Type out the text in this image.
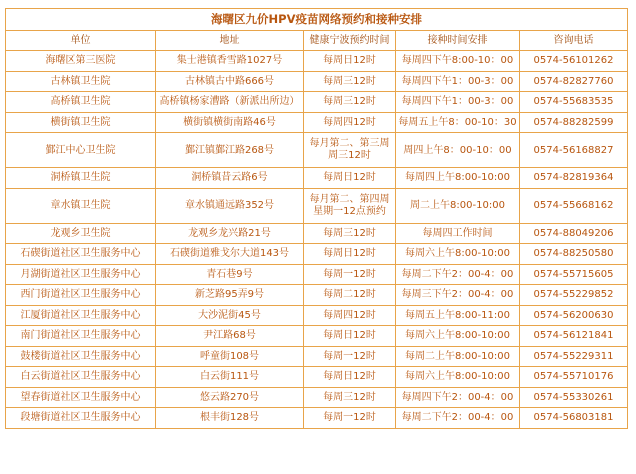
海曙区九价HPV疫苗网络预约和接种安排				
单位	地址	健康宁波预约时间	接种时间安排	咨询电话
海曙区第三医院	集士港镇香雪路1027号	每周日12时	每周四下午8:00-10：00	0574-56101262
古林镇卫生院	古林镇古中路666号	每周三12时	每周四下午1：00-3：00	0574-82827760
高桥镇卫生院	高桥镇杨家漕路（新派出所边）	每周三12时	每周四下午1：00-3：00	0574-55683535
横街镇卫生院	横街镇横街南路46号	每周四12时	每周五上午8：00-10：30	0574-88282599
鄞江中心卫生院	鄞江镇鄞江路268号	每月第二、第三周周三12时	周四上午8：00-10：00	0574-56168827
洞桥镇卫生院	洞桥镇昔云路6号	每周日12时	每周四上午8:00-10:00	0574-82819364
章水镇卫生院	章水镇通远路352号	每月第二、第四周星期一12点预约	周二上午8:00-10:00	0574-55668162
龙观乡卫生院	龙观乡龙兴路21号	每周三12时	每周四工作时间	0574-88049206
石碶街道社区卫生服务中心	石碶街道雅戈尔大道143号	每周日12时	每周六上午8:00-10:00	0574-88250580
月湖街道社区卫生服务中心	青石巷9号	每周一12时	每周二下午2：00-4：00	0574-55715605
西门街道社区卫生服务中心	新芝路95弄9号	每周二12时	每周三下午2：00-4：00	0574-55229852
江厦街道社区卫生服务中心	大沙泥街45号	每周四12时	每周五上午8:00-11:00	0574-56200630
南门街道社区卫生服务中心	尹江路68号	每周日12时	每周六上午8:00-10:00	0574-56121841
鼓楼街道社区卫生服务中心	呼童街108号	每周一12时	每周二上午8:00-10:00	0574-55229311
白云街道社区卫生服务中心	白云街111号	每周日12时	每周六上午8:00-10:00	0574-55710176
望春街道社区卫生服务中心	悠云路270号	每周三12时	每周四下午2：00-4：00	0574-55330261
段塘街道社区卫生服务中心	根丰街128号	每周一12时	每周二下午2：00-4：00	0574-56803181
